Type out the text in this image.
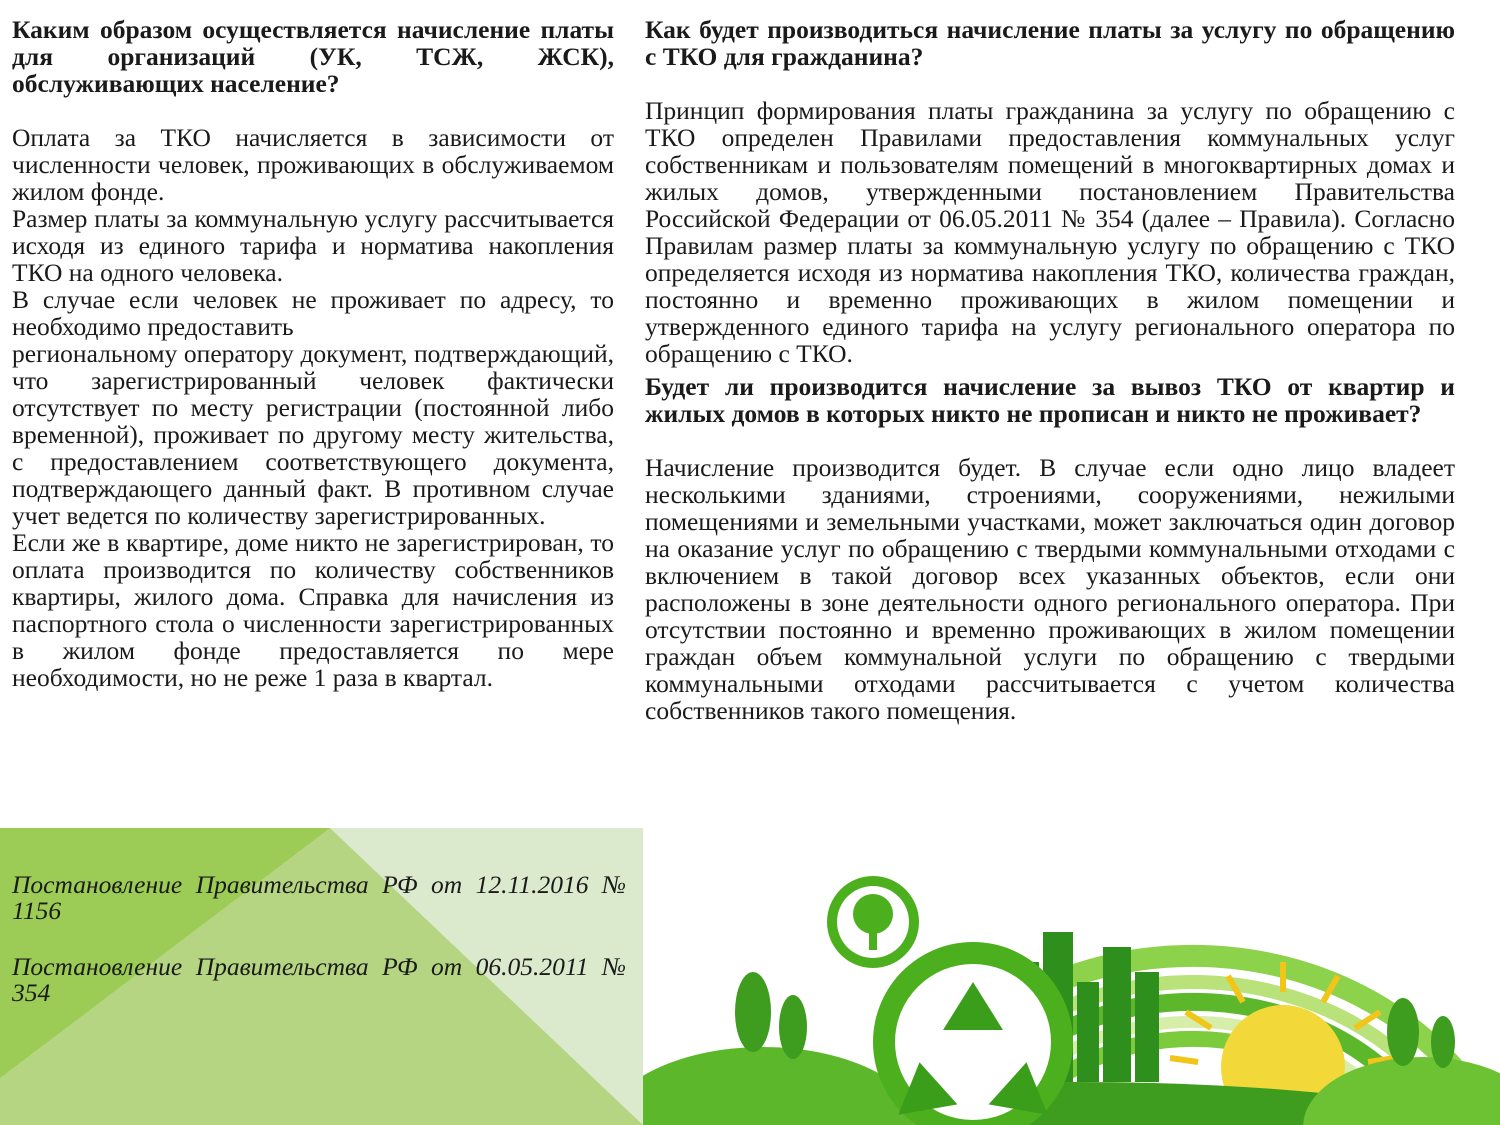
Каким образом осуществляется начисление платы для организаций (УК, ТСЖ, ЖСК), обслуживающих население?
Оплата за ТКО начисляется в зависимости от численности человек, проживающих в обслуживаемом жилом фонде.
Размер платы за коммунальную услугу рассчитывается исходя из единого тарифа и норматива накопления ТКО на одного человека.
В случае если человек не проживает по адресу, то необходимо предоставить
региональному оператору документ, подтверждающий, что зарегистрированный человек фактически отсутствует по месту регистрации (постоянной либо временной), проживает по другому месту жительства, с предоставлением соответствующего документа, подтверждающего данный факт. В противном случае учет ведется по количеству зарегистрированных.
Если же в квартире, доме никто не зарегистрирован, то оплата производится по количеству собственников квартиры, жилого дома. Справка для начисления из паспортного стола о численности зарегистрированных в жилом фонде предоставляется по мере необходимости, но не реже 1 раза в квартал.
Постановление Правительства РФ от 12.11.2016 № 1156
Постановление Правительства РФ от 06.05.2011 № 354
Как будет производиться начисление платы за услугу по обращению с ТКО для гражданина?
Принцип формирования платы гражданина за услугу по обращению с ТКО определен Правилами предоставления коммунальных услуг собственникам и пользователям помещений в многоквартирных домах и жилых домов, утвержденными постановлением Правительства Российской Федерации от 06.05.2011 № 354 (далее – Правила). Согласно Правилам размер платы за коммунальную услугу по обращению с ТКО определяется исходя из норматива накопления ТКО, количества граждан, постоянно и временно проживающих в жилом помещении и утвержденного единого тарифа на услугу регионального оператора по обращению с ТКО.
Будет ли производится начисление за вывоз ТКО от квартир и жилых домов в которых никто не прописан и никто не проживает?
Начисление производится будет. В случае если одно лицо владеет несколькими зданиями, строениями, сооружениями, нежилыми помещениями и земельными участками, может заключаться один договор на оказание услуг по обращению с твердыми коммунальными отходами с включением в такой договор всех указанных объектов, если они расположены в зоне деятельности одного регионального оператора. При отсутствии постоянно и временно проживающих в жилом помещении граждан объем коммунальной услуги по обращению с твердыми коммунальными отходами рассчитывается с учетом количества собственников такого помещения.
